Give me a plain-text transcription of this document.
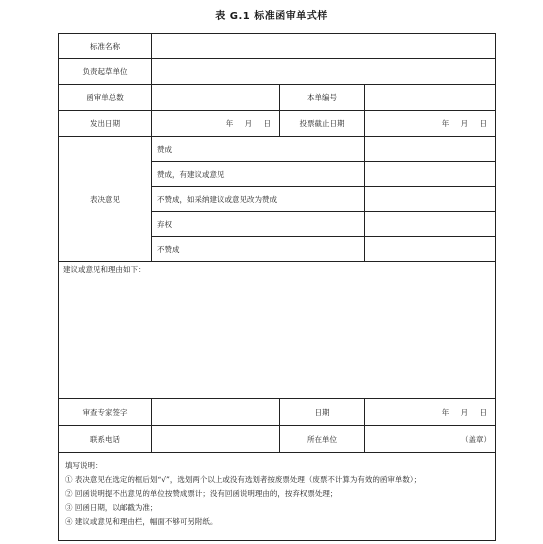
表 G.1 标准函审单式样
标准名称			
负责起草单位			
函审单总数		本单编号	
发出日期	年 月 日	投票截止日期	年 月 日
表决意见	赞成		
	赞成，有建议或意见		
	不赞成，如采纳建议或意见改为赞成		
	弃权		
	不赞成		
建议或意见和理由如下：			
审查专家签字		日期	年 月 日
联系电话		所在单位	（盖章）

填写说明：
① 表决意见在选定的框后划“√”，选划两个以上或没有选划者按废票处理（废票不计算为有效的函审单数）；
② 回函说明提不出意见的单位按赞成票计；没有回函说明理由的，按弃权票处理；
③ 回函日期，以邮戳为准；
④ 建议或意见和理由栏，幅面不够可另附纸。			
